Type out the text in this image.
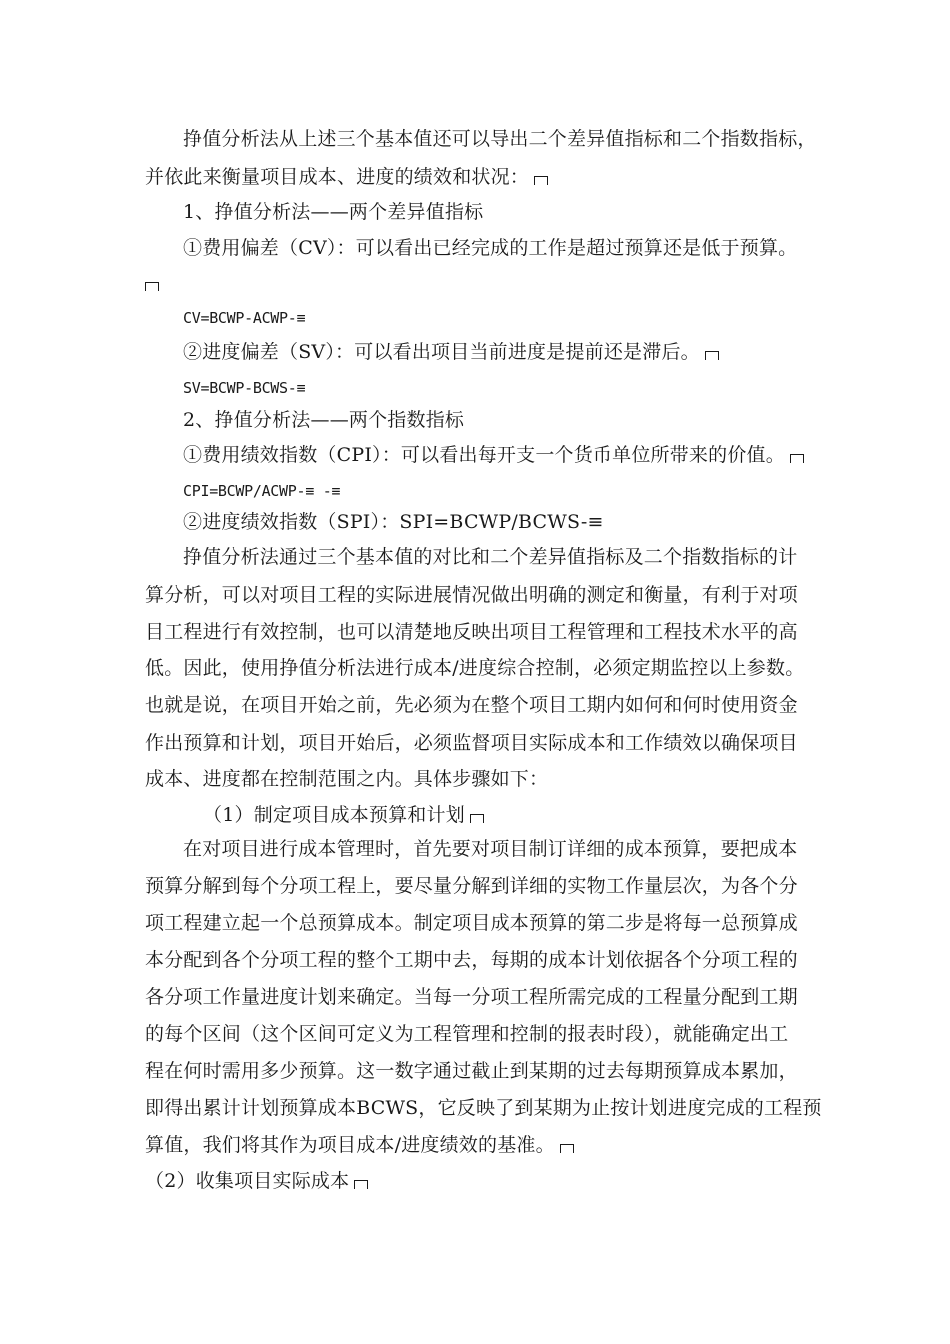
挣值分析法从上述三个基本值还可以导出二个差异值指标和二个指数指标，
并依此来衡量项目成本、进度的绩效和状况：
1、挣值分析法——两个差异值指标
①费用偏差（CV）：可以看出已经完成的工作是超过预算还是低于预算。
CV=BCWP-ACWP-≡
②进度偏差（SV）：可以看出项目当前进度是提前还是滞后。
SV=BCWP-BCWS-≡
2、挣值分析法——两个指数指标
①费用绩效指数（CPI）：可以看出每开支一个货币单位所带来的价值。
CPI=BCWP/ACWP-≡ -≡
②进度绩效指数（SPI）：SPI=BCWP/BCWS-≡
挣值分析法通过三个基本值的对比和二个差异值指标及二个指数指标的计
算分析，可以对项目工程的实际进展情况做出明确的测定和衡量，有利于对项
目工程进行有效控制，也可以清楚地反映出项目工程管理和工程技术水平的高
低。因此，使用挣值分析法进行成本/进度综合控制，必须定期监控以上参数。
也就是说，在项目开始之前，先必须为在整个项目工期内如何和何时使用资金
作出预算和计划，项目开始后，必须监督项目实际成本和工作绩效以确保项目
成本、进度都在控制范围之内。具体步骤如下：
（1）制定项目成本预算和计划
在对项目进行成本管理时，首先要对项目制订详细的成本预算，要把成本
预算分解到每个分项工程上，要尽量分解到详细的实物工作量层次，为各个分
项工程建立起一个总预算成本。制定项目成本预算的第二步是将每一总预算成
本分配到各个分项工程的整个工期中去，每期的成本计划依据各个分项工程的
各分项工作量进度计划来确定。当每一分项工程所需完成的工程量分配到工期
的每个区间（这个区间可定义为工程管理和控制的报表时段），就能确定出工
程在何时需用多少预算。这一数字通过截止到某期的过去每期预算成本累加，
即得出累计计划预算成本BCWS，它反映了到某期为止按计划进度完成的工程预
算值，我们将其作为项目成本/进度绩效的基准。
（2）收集项目实际成本
